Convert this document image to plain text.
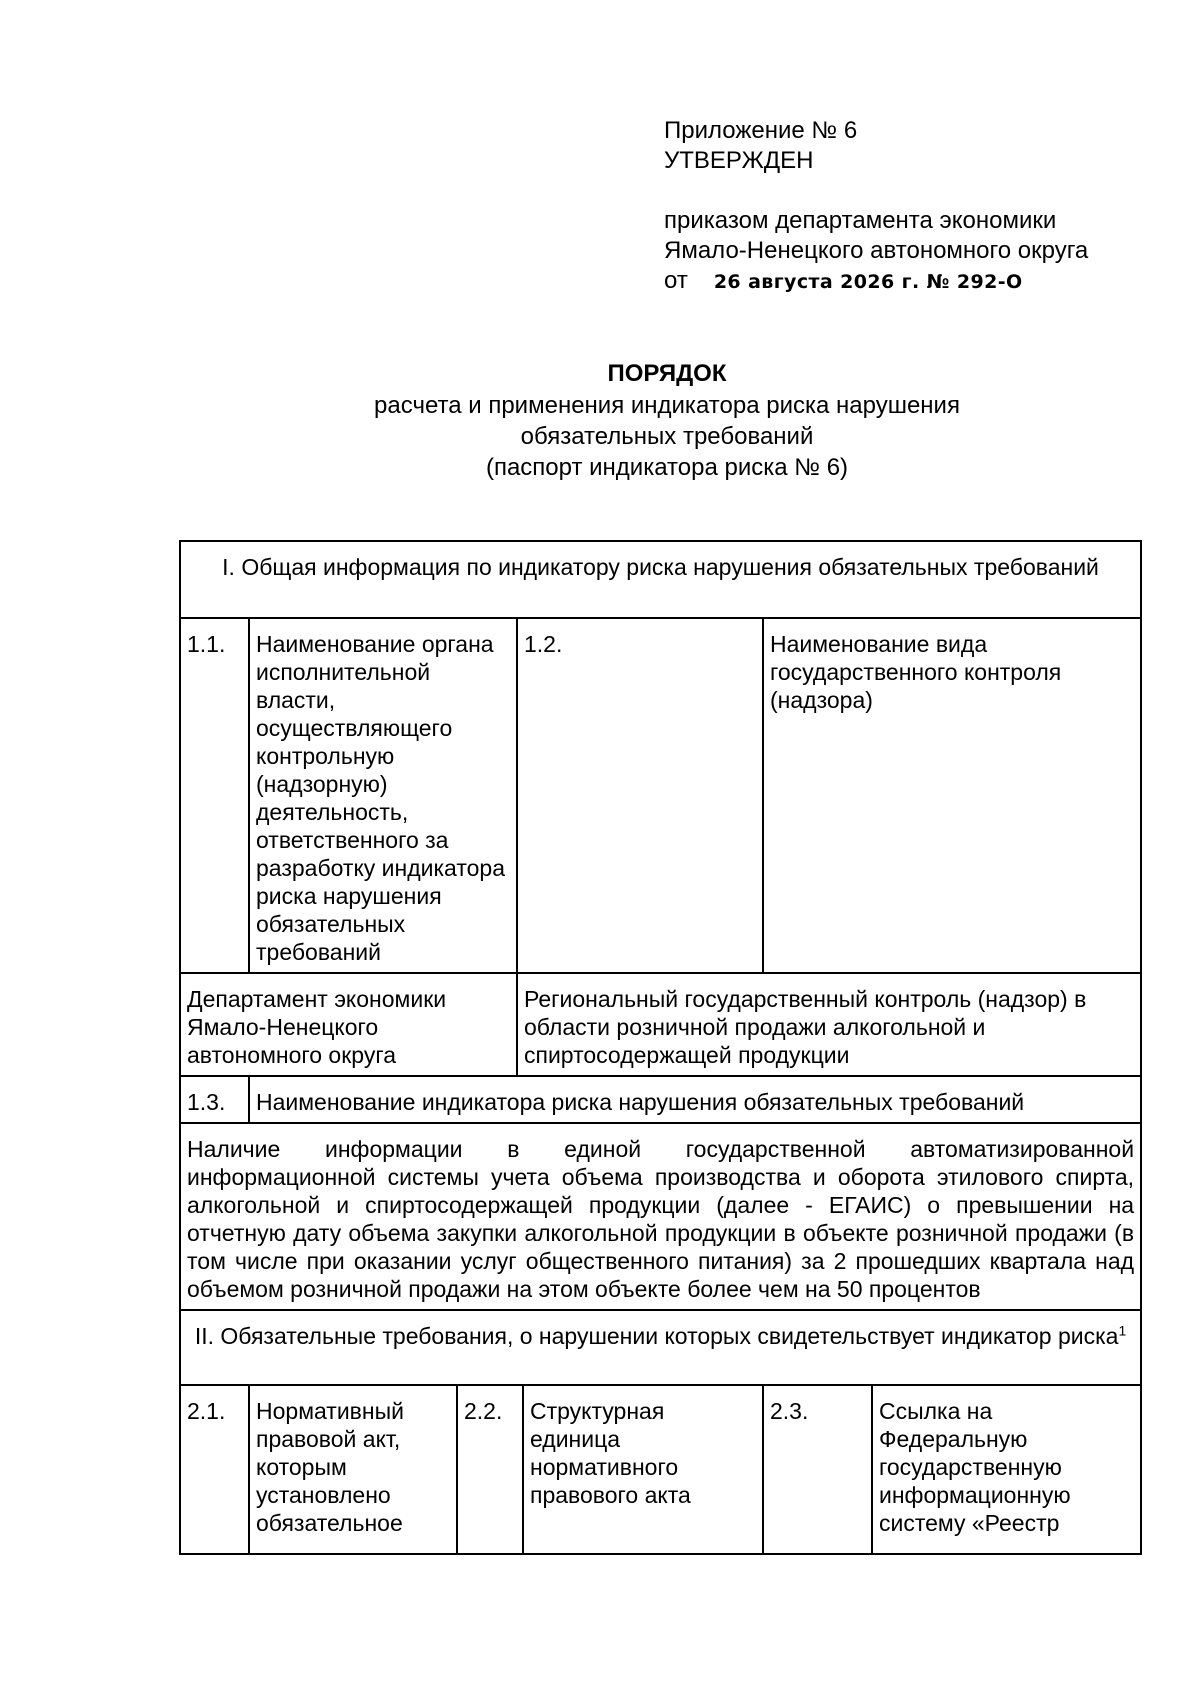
Приложение № 6
УТВЕРЖДЕН
приказом департамента экономики
Ямало-Ненецкого автономного округа
от 26 августа 2026 г. № 292-О
ПОРЯДОК
расчета и применения индикатора риска нарушения
обязательных требований
(паспорт индикатора риска № 6)
I. Общая информация по индикатору риска нарушения обязательных требований						
1.1.	Наименование органа исполнительной власти, осуществляющего контрольную (надзорную) деятельность, ответственного за разработку индикатора риска нарушения обязательных требований		1.2.		Наименование вида государственного контроля (надзора)	
Департамент экономики Ямало-Ненецкого автономного округа			Региональный государственный контроль (надзор) в области розничной продажи алкогольной и спиртосодержащей продукции			
1.3.	Наименование индикатора риска нарушения обязательных требований					
Наличие информации в единой государственной автоматизированной информационной системы учета объема производства и оборота этилового спирта, алкогольной и спиртосодержащей продукции (далее - ЕГАИС) о превышении на отчетную дату объема закупки алкогольной продукции в объекте розничной продажи (в том числе при оказании услуг общественного питания) за 2 прошедших квартала над объемом розничной продажи на этом объекте более чем на 50 процентов						
II. Обязательные требования, о нарушении которых свидетельствует индикатор риска$^1$
2.1.	Нормативный правовой акт, которым установлено обязательное	2.2.		Структурная единица нормативного правового акта	2.3.	Ссылка на Федеральную государственную информационную систему «Реестр
